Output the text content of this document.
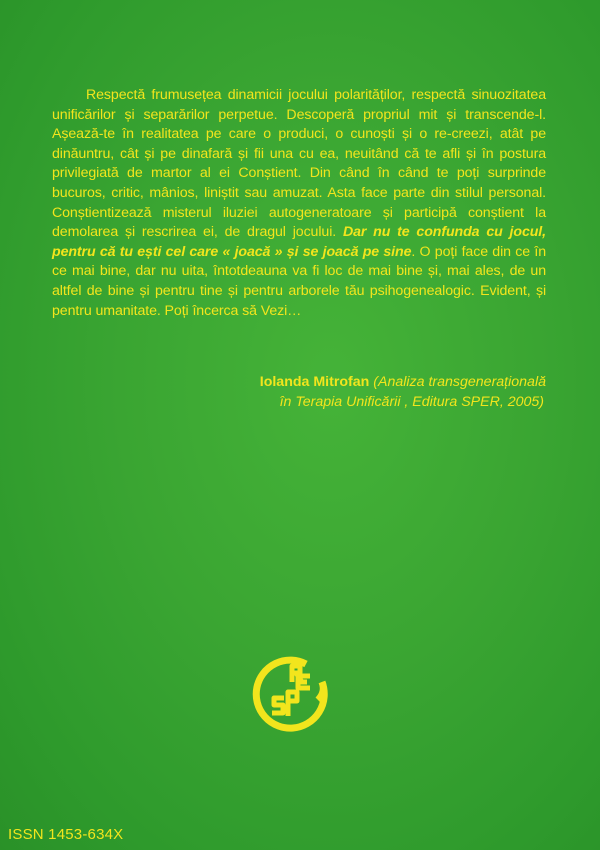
Respectă frumusețea dinamicii jocului polarităților, respectă sinuozitatea unificărilor și separărilor perpetue. Descoperă propriul mit și transcende-l. Așează-te în realitatea pe care o produci, o cunoști și o re-creezi, atât pe dinăuntru, cât și pe dinafară și fii una cu ea, neuitând că te afli și în postura privilegiată de martor al ei Conștient. Din când în când te poți surprinde bucuros, critic, mânios, liniștit sau amuzat. Asta face parte din stilul personal. Conștientizează misterul iluziei autogeneratoare și participă conștient la demolarea și rescrirea ei, de dragul jocului. Dar nu te confunda cu jocul, pentru că tu ești cel care « joacă » și se joacă pe sine. O poți face din ce în ce mai bine, dar nu uita, întotdeauna va fi loc de mai bine și, mai ales, de un altfel de bine și pentru tine și pentru arborele tău psihogenealogic. Evident, și pentru umanitate. Poți încerca să Vezi…

Iolanda Mitrofan (Analiza transgenerațională
în Terapia Unificării , Editura SPER, 2005)
ISSN 1453-634X
